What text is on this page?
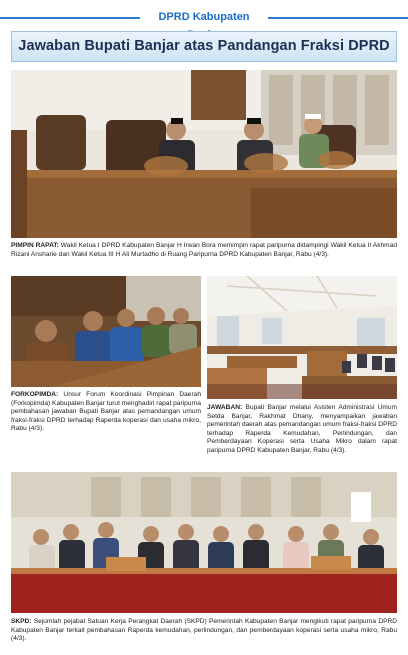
DPRD Kabupaten
Jawaban Bupati Banjar atas Pandangan Fraksi DPRD
PIMPIN RAPAT: Wakil Ketua I DPRD Kabupaten Banjar H Irwan Bora memimpin rapat paripurna didampingi Wakil Ketua II Akhmad Rizani Ansharie dan Wakil Ketua III H Ali Murtadho di Ruang Paripurna DPRD Kabupaten Banjar, Rabu (4/3).
FORKOPIMDA: Unsur Forum Koordinasi Pimpinan Daerah (Forkopimda) Kabupaten Banjar turut menghadiri rapat paripurna pembahasan jawaban Bupati Banjar atas pemandangan umum fraksi-fraksi DPRD terhadap Raperda koperasi dan usaha mikro, Rabu (4/3).
JAWABAN: Bupati Banjar melalui Asisten Administrasi Umum Setda Banjar, Rakhmat Dhany, menyampaikan jawaban pemerintah daerah atas pemandangan umum fraksi-fraksi DPRD terhadap Raperda Kemudahan, Perlindungan, dan Pemberdayaan Koperasi serta Usaha Mikro dalam rapat paripurna DPRD Kabupaten Banjar, Rabu (4/3).
SKPD: Sejumlah pejabat Satuan Kerja Perangkat Daerah (SKPD) Pemerintah Kabupaten Banjar mengikuti rapat paripurna DPRD Kabupaten Banjar terkait pembahasan Raperda kemudahan, perlindungan, dan pemberdayaan koperasi serta usaha mikro, Rabu (4/3).
